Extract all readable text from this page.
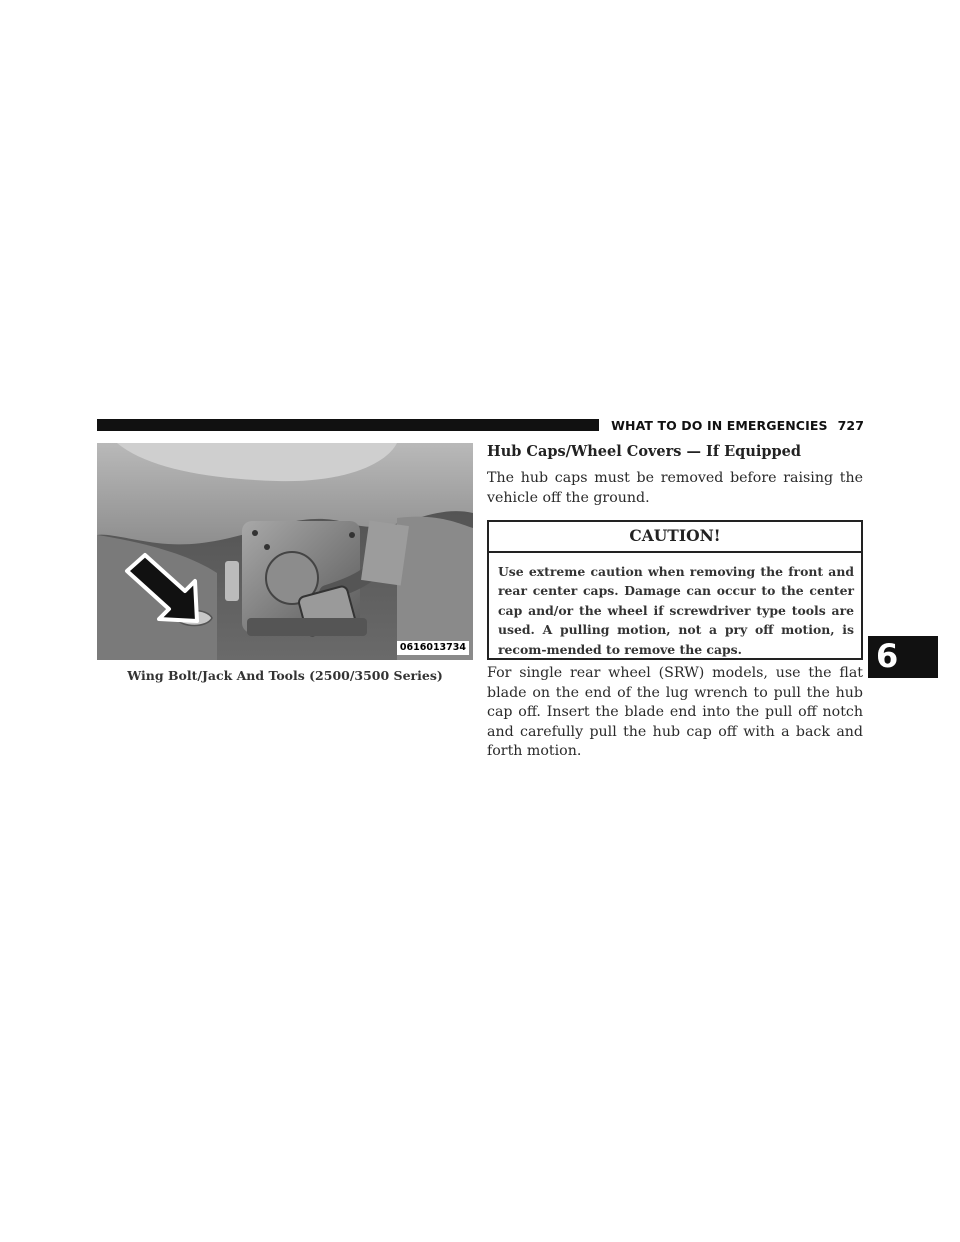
WHAT TO DO IN EMERGENCIES 727
0616013734
Wing Bolt/Jack And Tools (2500/3500 Series)
Hub Caps/Wheel Covers — If Equipped
The hub caps must be removed before raising the vehicle off the ground.
CAUTION!
Use extreme caution when removing the front and rear center caps. Damage can occur to the center cap and/or the wheel if screwdriver type tools are used. A pulling motion, not a pry off motion, is recom-mended to remove the caps.
For single rear wheel (SRW) models, use the flat blade on the end of the lug wrench to pull the hub cap off. Insert the blade end into the pull off notch and carefully pull the hub cap off with a back and forth motion.
6
